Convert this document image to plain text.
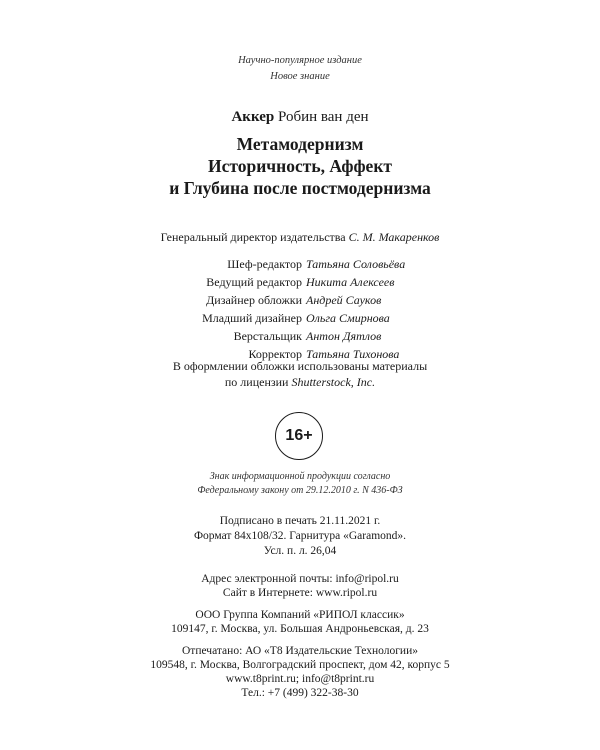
Научно-популярное издание
Новое знание
Аккер Робин ван ден
Метамодернизм
Историчность, Аффект
и Глубина после постмодернизма
Генеральный директор издательства С. М. Макаренков
Шеф-редактор Татьяна Соловьёва
Ведущий редактор Никита Алексеев
Дизайнер обложки Андрей Сауков
Младший дизайнер Ольга Смирнова
Верстальщик Антон Дятлов
Корректор Татьяна Тихонова
В оформлении обложки использованы материалы
по лицензии Shutterstock, Inc.
16+
Знак информационной продукции согласно
Федеральному закону от 29.12.2010 г. N 436-ФЗ
Подписано в печать 21.11.2021 г.
Формат 84х108/32. Гарнитура «Garamond».
Усл. п. л. 26,04
Адрес электронной почты: info@ripol.ru
Сайт в Интернете: www.ripol.ru
ООО Группа Компаний «РИПОЛ классик»
109147, г. Москва, ул. Большая Андроньевская, д. 23
Отпечатано: АО «Т8 Издательские Технологии»
109548, г. Москва, Волгоградский проспект, дом 42, корпус 5
www.t8print.ru; info@t8print.ru
Тел.: +7 (499) 322-38-30
